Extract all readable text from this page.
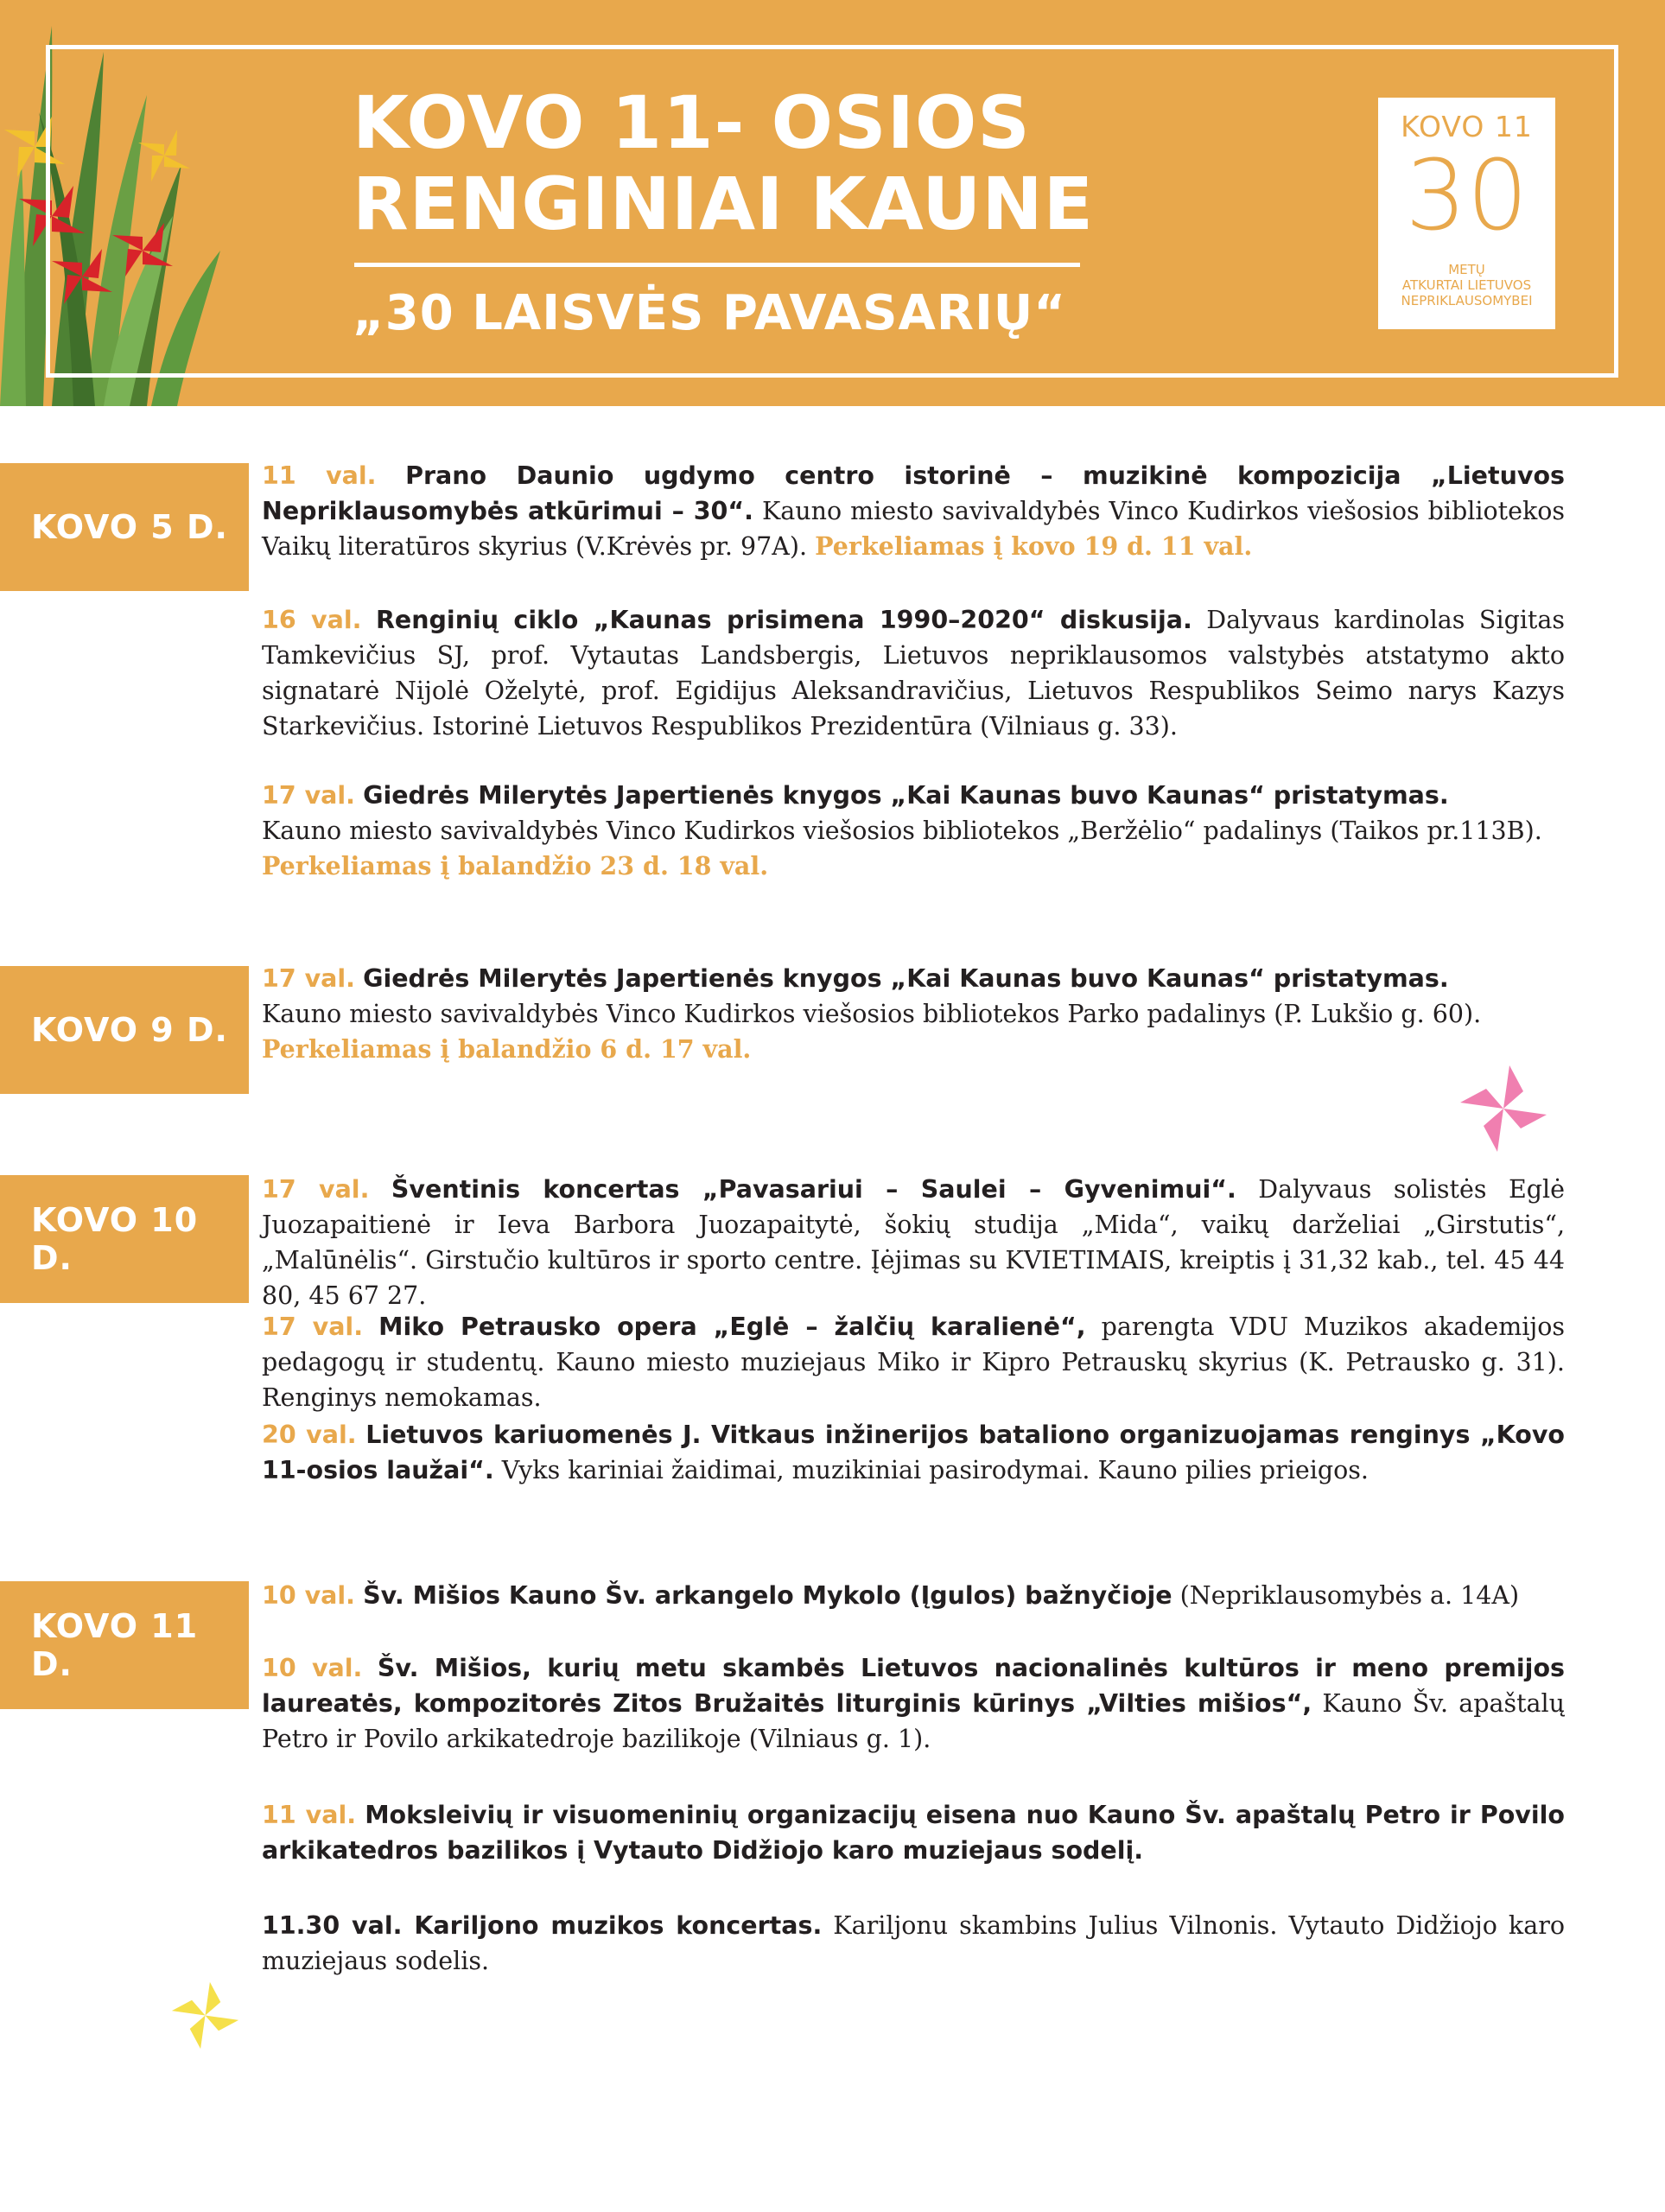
KOVO 11- OSIOS
RENGINIAI KAUNE
„30 LAISVĖS PAVASARIŲ“
KOVO 11
30
METŲ
ATKURTAI LIETUVOS
NEPRIKLAUSOMYBEI
KOVO 5 D.

11 val. Prano Daunio ugdymo centro istorinė – muzikinė kompozicija „Lietuvos Nepriklausomybės atkūrimui – 30“. Kauno miesto savivaldybės Vinco Kudirkos viešosios bibliotekos Vaikų literatūros skyrius (V.Krėvės pr. 97A). Perkeliamas į kovo 19 d. 11 val.

16 val. Renginių ciklo „Kaunas prisimena 1990–2020“ diskusija. Dalyvaus kardinolas Sigitas Tamkevičius SJ, prof. Vytautas Landsbergis, Lietuvos nepriklausomos valstybės atstatymo akto signatarė Nijolė Oželytė, prof. Egidijus Aleksandravičius, Lietuvos Respublikos Seimo narys Kazys Starkevičius. Istorinė Lietuvos Respublikos Prezidentūra (Vilniaus g. 33).

17 val. Giedrės Milerytės Japertienės knygos „Kai Kaunas buvo Kaunas“ pristatymas.
Kauno miesto savivaldybės Vinco Kudirkos viešosios bibliotekos „Beržėlio“ padalinys (Taikos pr.113B).
Perkeliamas į balandžio 23 d. 18 val.

KOVO 9 D.

17 val. Giedrės Milerytės Japertienės knygos „Kai Kaunas buvo Kaunas“ pristatymas.
Kauno miesto savivaldybės Vinco Kudirkos viešosios bibliotekos Parko padalinys (P. Lukšio g. 60).
Perkeliamas į balandžio 6 d. 17 val.

KOVO 10 D.

17 val. Šventinis koncertas „Pavasariui – Saulei – Gyvenimui“. Dalyvaus solistės Eglė Juozapaitienė ir Ieva Barbora Juozapaitytė, šokių studija „Mida“, vaikų darželiai „Girstutis“, „Malūnėlis“. Girstučio kultūros ir sporto centre. Įėjimas su KVIETIMAIS, kreiptis į 31,32 kab., tel. 45 44 80, 45 67 27.

17 val. Miko Petrausko opera „Eglė – žalčių karalienė“, parengta VDU Muzikos akademijos pedagogų ir studentų. Kauno miesto muziejaus Miko ir Kipro Petrauskų skyrius (K. Petrausko g. 31). Renginys nemokamas.

20 val. Lietuvos kariuomenės J. Vitkaus inžinerijos bataliono organizuojamas renginys „Kovo 11-osios laužai“. Vyks kariniai žaidimai, muzikiniai pasirodymai. Kauno pilies prieigos.

KOVO 11 D.

10 val. Šv. Mišios Kauno Šv. arkangelo Mykolo (Įgulos) bažnyčioje (Nepriklausomybės a. 14A)

10 val. Šv. Mišios, kurių metu skambės Lietuvos nacionalinės kultūros ir meno premijos laureatės, kompozitorės Zitos Bružaitės liturginis kūrinys „Vilties mišios“, Kauno Šv. apaštalų Petro ir Povilo arkikatedroje bazilikoje (Vilniaus g. 1).

11 val. Moksleivių ir visuomeninių organizacijų eisena nuo Kauno Šv. apaštalų Petro ir Povilo arkikatedros bazilikos į Vytauto Didžiojo karo muziejaus sodelį.

11.30 val. Kariljono muzikos koncertas. Kariljonu skambins Julius Vilnonis. Vytauto Didžiojo karo muziejaus sodelis.
